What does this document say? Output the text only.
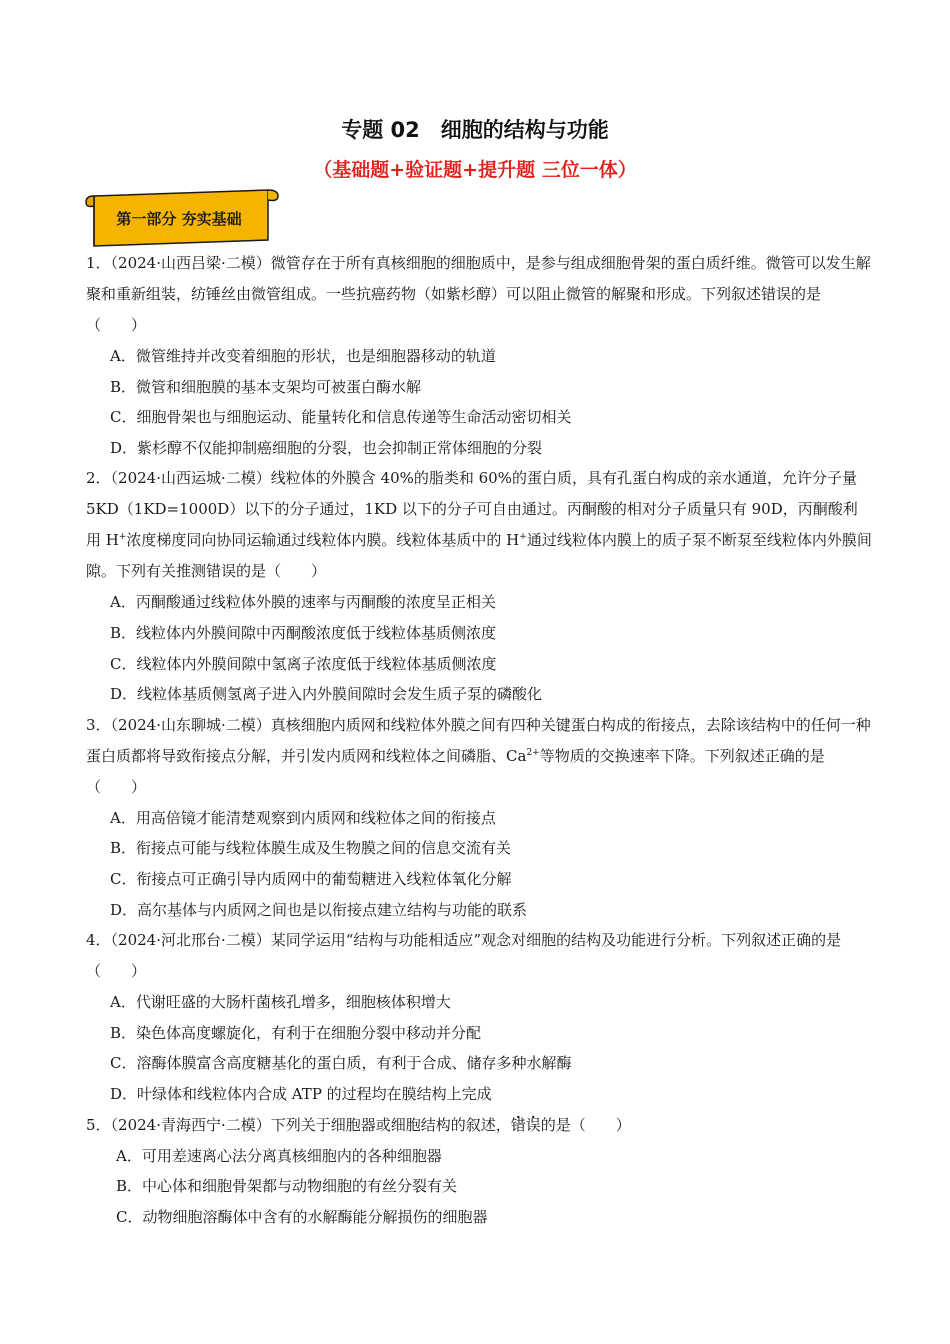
专题 02　细胞的结构与功能
（基础题+验证题+提升题 三位一体）
第一部分 夯实基础

1．（2024·山西吕梁·二模）微管存在于所有真核细胞的细胞质中，是参与组成细胞骨架的蛋白质纤维。微管可以发生解聚和重新组装，纺锤丝由微管组成。一些抗癌药物（如紫杉醇）可以阻止微管的解聚和形成。下列叙述错误的是（　　）

A．微管维持并改变着细胞的形状，也是细胞器移动的轨道

B．微管和细胞膜的基本支架均可被蛋白酶水解

C．细胞骨架也与细胞运动、能量转化和信息传递等生命活动密切相关

D．紫杉醇不仅能抑制癌细胞的分裂，也会抑制正常体细胞的分裂

2．（2024·山西运城·二模）线粒体的外膜含 40%的脂类和 60%的蛋白质，具有孔蛋白构成的亲水通道，允许分子量 5KD（1KD=1000D）以下的分子通过，1KD 以下的分子可自由通过。丙酮酸的相对分子质量只有 90D，丙酮酸利用 H+浓度梯度同向协同运输通过线粒体内膜。线粒体基质中的 H+通过线粒体内膜上的质子泵不断泵至线粒体内外膜间隙。下列有关推测错误的是（　　）

A．丙酮酸通过线粒体外膜的速率与丙酮酸的浓度呈正相关

B．线粒体内外膜间隙中丙酮酸浓度低于线粒体基质侧浓度

C．线粒体内外膜间隙中氢离子浓度低于线粒体基质侧浓度

D．线粒体基质侧氢离子进入内外膜间隙时会发生质子泵的磷酸化

3．（2024·山东聊城·二模）真核细胞内质网和线粒体外膜之间有四种关键蛋白构成的衔接点，去除该结构中的任何一种蛋白质都将导致衔接点分解，并引发内质网和线粒体之间磷脂、$Ca^{2+}$等物质的交换速率下降。下列叙述正确的是（　　）

A．用高倍镜才能清楚观察到内质网和线粒体之间的衔接点

B．衔接点可能与线粒体膜生成及生物膜之间的信息交流有关

C．衔接点可正确引导内质网中的葡萄糖进入线粒体氧化分解

D．高尔基体与内质网之间也是以衔接点建立结构与功能的联系

4．（2024·河北邢台·二模）某同学运用“结构与功能相适应”观念对细胞的结构及功能进行分析。下列叙述正确的是（　　）

A．代谢旺盛的大肠杆菌核孔增多，细胞核体积增大

B．染色体高度螺旋化，有利于在细胞分裂中移动并分配

C．溶酶体膜富含高度糖基化的蛋白质，有利于合成、储存多种水解酶

D．叶绿体和线粒体内合成 ATP 的过程均在膜结构上完成

5．（2024·青海西宁·二模）下列关于细胞器或细胞结构的叙述，错误的是（　　）

A．可用差速离心法分离真核细胞内的各种细胞器

B．中心体和细胞骨架都与动物细胞的有丝分裂有关

C．动物细胞溶酶体中含有的水解酶能分解损伤的细胞器
